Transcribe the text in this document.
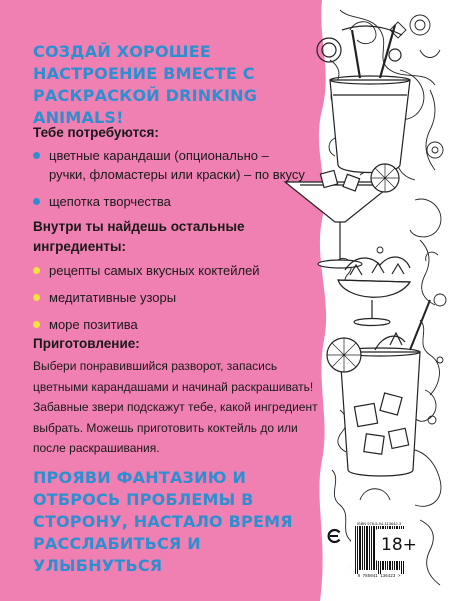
СОЗДАЙ ХОРОШЕЕ НАСТРОЕНИЕ ВМЕСТЕ С РАСКРАСКОЙ DRINKING ANIMALS!
Тебе потребуются:
цветные карандаши (опционально – ручки, фломастеры или краски) – по вкусу
щепотка творчества
Внутри ты найдешь остальные ингредиенты:
рецепты самых вкусных коктейлей
медитативные узоры
море позитива
Приготовление:

Выбери понравившийся разворот, запасись цветными карандашами и начинай раскрашивать! Забавные звери подскажут тебе, какой ингредиент выбрать. Можешь приготовить коктейль до или после раскрашивания.

ПРОЯВИ ФАНТАЗИЮ И ОТБРОСЬ ПРОБЛЕМЫ В СТОРОНУ, НАСТАЛО ВРЕМЯ РАССЛАБИТЬСЯ И УЛЫБНУТЬСЯ

ISBN 978-5-04-113642-3

9 785041 136423 >

18+
